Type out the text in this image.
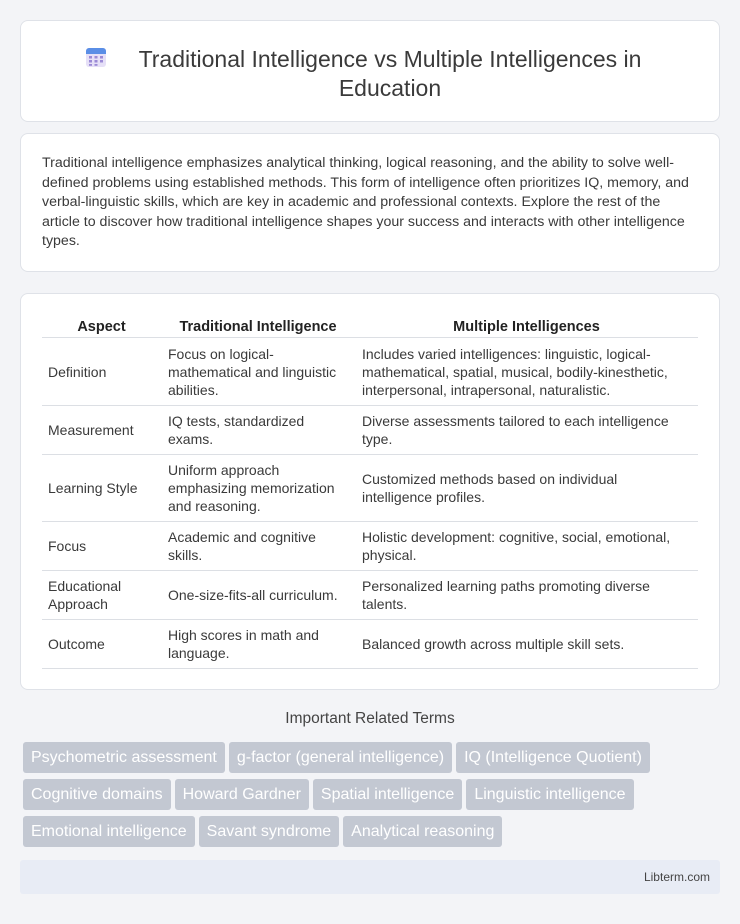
Traditional Intelligence vs Multiple Intelligences in Education

Traditional intelligence emphasizes analytical thinking, logical reasoning, and the ability to solve well-defined problems using established methods. This form of intelligence often prioritizes IQ, memory, and verbal-linguistic skills, which are key in academic and professional contexts. Explore the rest of the article to discover how traditional intelligence shapes your success and interacts with other intelligence types.

Aspect	Traditional Intelligence	Multiple Intelligences
Definition	Focus on logical-mathematical and linguistic abilities.	Includes varied intelligences: linguistic, logical-mathematical, spatial, musical, bodily-kinesthetic, interpersonal, intrapersonal, naturalistic.
Measurement	IQ tests, standardized exams.	Diverse assessments tailored to each intelligence type.
Learning Style	Uniform approach emphasizing memorization and reasoning.	Customized methods based on individual intelligence profiles.
Focus	Academic and cognitive skills.	Holistic development: cognitive, social, emotional, physical.
Educational Approach	One-size-fits-all curriculum.	Personalized learning paths promoting diverse talents.
Outcome	High scores in math and language.	Balanced growth across multiple skill sets.
Important Related Terms
Psychometric assessment g-factor (general intelligence) IQ (Intelligence Quotient)
Cognitive domains Howard Gardner Spatial intelligence Linguistic intelligence
Emotional intelligence Savant syndrome Analytical reasoning
Libterm.com
